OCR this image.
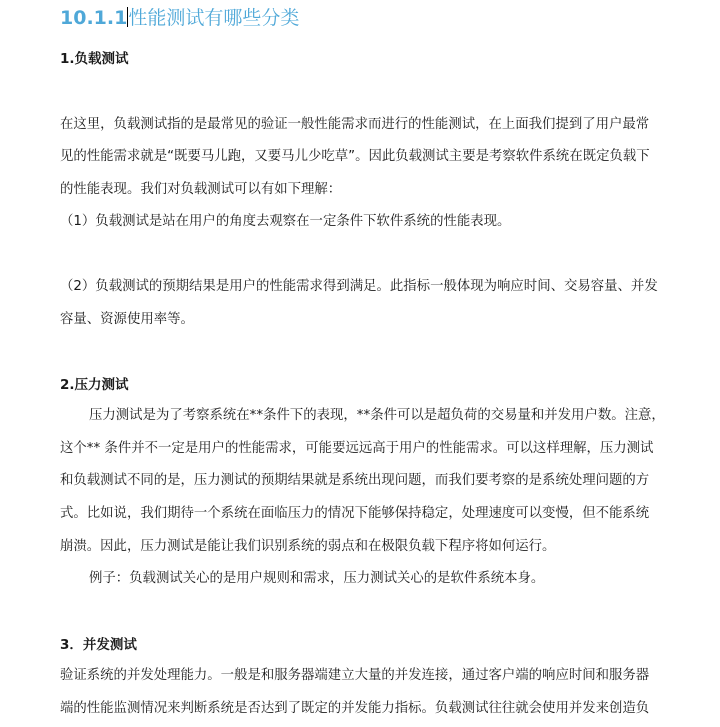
10.1.1性能测试有哪些分类
1.负载测试
在这里，负载测试指的是最常见的验证一般性能需求而进行的性能测试，在上面我们提到了用户最常
见的性能需求就是“既要马儿跑，又要马儿少吃草”。因此负载测试主要是考察软件系统在既定负载下
的性能表现。我们对负载测试可以有如下理解：
（1）负载测试是站在用户的角度去观察在一定条件下软件系统的性能表现。
（2）负载测试的预期结果是用户的性能需求得到满足。此指标一般体现为响应时间、交易容量、并发
容量、资源使用率等。
2.压力测试
压力测试是为了考察系统在**条件下的表现，**条件可以是超负荷的交易量和并发用户数。注意，
这个** 条件并不一定是用户的性能需求，可能要远远高于用户的性能需求。可以这样理解，压力测试
和负载测试不同的是，压力测试的预期结果就是系统出现问题，而我们要考察的是系统处理问题的方
式。比如说，我们期待一个系统在面临压力的情况下能够保持稳定，处理速度可以变慢，但不能系统
崩溃。因此，压力测试是能让我们识别系统的弱点和在极限负载下程序将如何运行。
例子：负载测试关心的是用户规则和需求，压力测试关心的是软件系统本身。
3．并发测试
验证系统的并发处理能力。一般是和服务器端建立大量的并发连接，通过客户端的响应时间和服务器
端的性能监测情况来判断系统是否达到了既定的并发能力指标。负载测试往往就会使用并发来创造负
